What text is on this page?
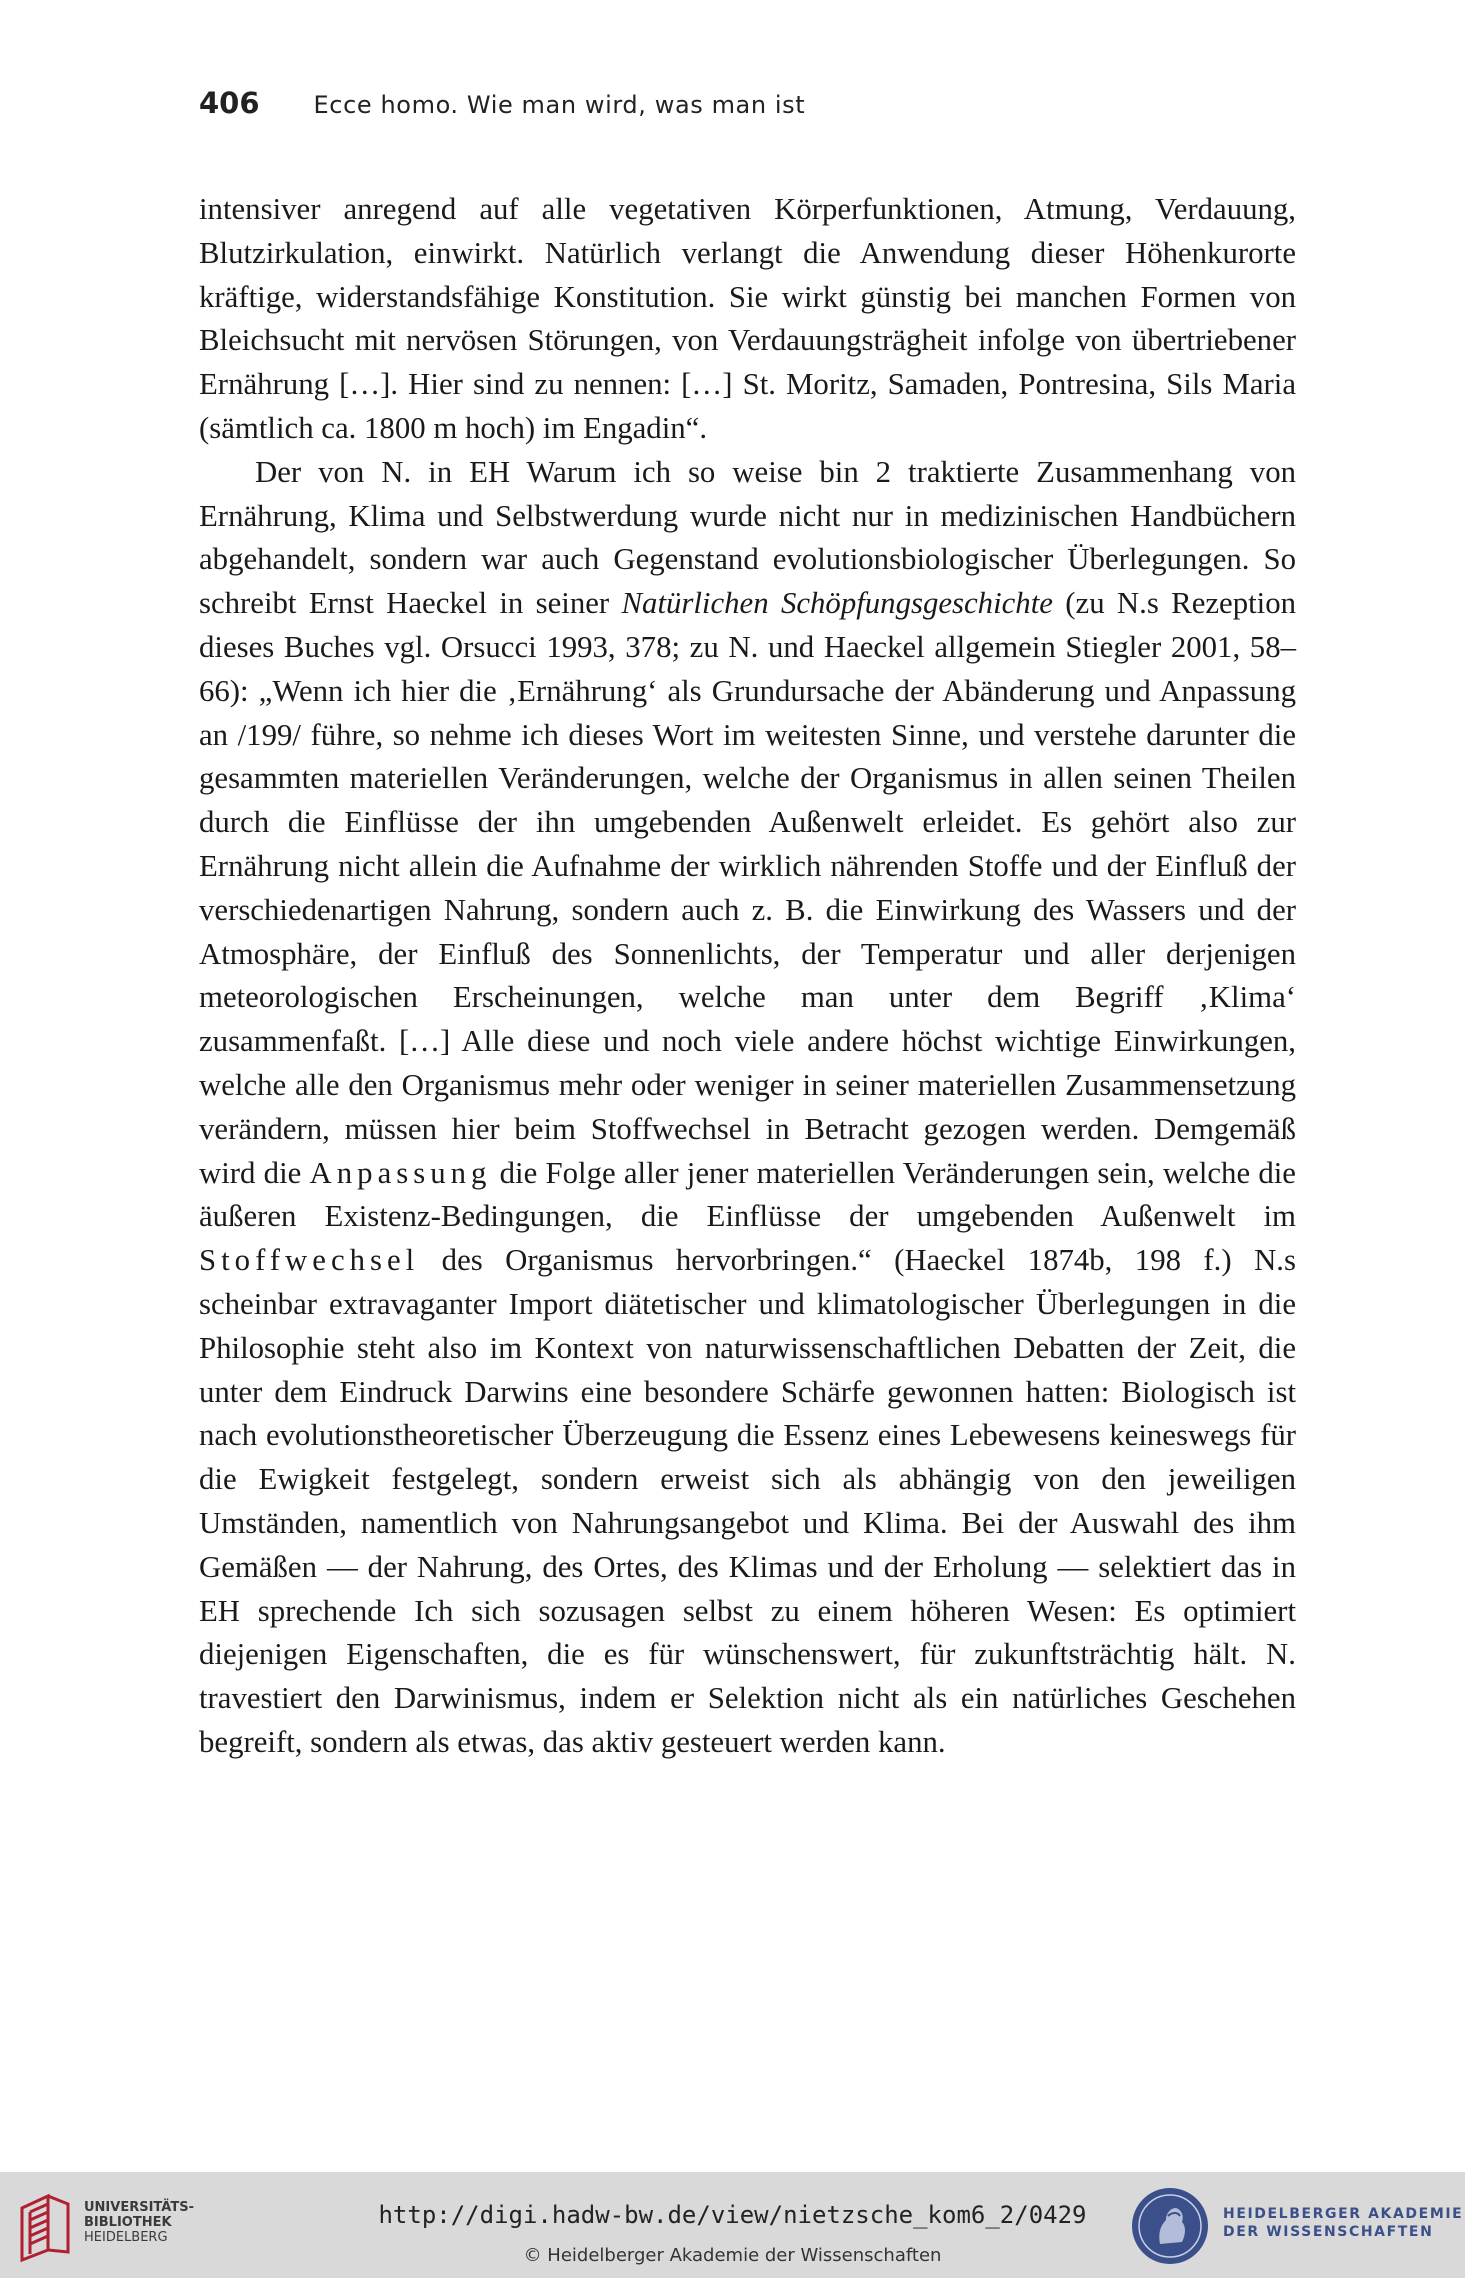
406 Ecce homo. Wie man wird, was man ist

intensiver anregend auf alle vegetativen Körperfunktionen, Atmung, Verdauung, Blutzirkulation, einwirkt. Natürlich verlangt die Anwendung dieser Höhenkurorte kräftige, widerstandsfähige Konstitution. Sie wirkt günstig bei manchen Formen von Bleichsucht mit nervösen Störungen, von Verdauungsträgheit infolge von übertriebener Ernährung […]. Hier sind zu nennen: […] St. Moritz, Samaden, Pontresina, Sils Maria (sämtlich ca. 1800 m hoch) im Engadin“.

Der von N. in EH Warum ich so weise bin 2 traktierte Zusammenhang von Ernährung, Klima und Selbstwerdung wurde nicht nur in medizinischen Handbüchern abgehandelt, sondern war auch Gegenstand evolutionsbiologischer Überlegungen. So schreibt Ernst Haeckel in seiner Natürlichen Schöpfungsgeschichte (zu N.s Rezeption dieses Buches vgl. Orsucci 1993, 378; zu N. und Haeckel allgemein Stiegler 2001, 58–66): „Wenn ich hier die ‚Ernährung‘ als Grundursache der Abänderung und Anpassung an /199/ führe, so nehme ich dieses Wort im weitesten Sinne, und verstehe darunter die gesammten materiellen Veränderungen, welche der Organismus in allen seinen Theilen durch die Einflüsse der ihn umgebenden Außenwelt erleidet. Es gehört also zur Ernährung nicht allein die Aufnahme der wirklich nährenden Stoffe und der Einfluß der verschiedenartigen Nahrung, sondern auch z. B. die Einwirkung des Wassers und der Atmosphäre, der Einfluß des Sonnenlichts, der Temperatur und aller derjenigen meteorologischen Erscheinungen, welche man unter dem Begriff ‚Klima‘ zusammenfaßt. […] Alle diese und noch viele andere höchst wichtige Einwirkungen, welche alle den Organismus mehr oder weniger in seiner materiellen Zusammensetzung verändern, müssen hier beim Stoffwechsel in Betracht gezogen werden. Demgemäß wird die Anpassung die Folge aller jener materiellen Veränderungen sein, welche die äußeren Existenz-Bedingungen, die Einflüsse der umgebenden Außenwelt im Stoffwechsel des Organismus hervorbringen.“ (Haeckel 1874b, 198 f.) N.s scheinbar extravaganter Import diätetischer und klimatologischer Überlegungen in die Philosophie steht also im Kontext von naturwissenschaftlichen Debatten der Zeit, die unter dem Eindruck Darwins eine besondere Schärfe gewonnen hatten: Biologisch ist nach evolutionstheoretischer Überzeugung die Essenz eines Lebewesens keineswegs für die Ewigkeit festgelegt, sondern erweist sich als abhängig von den jeweiligen Umständen, namentlich von Nahrungsangebot und Klima. Bei der Auswahl des ihm Gemäßen — der Nahrung, des Ortes, des Klimas und der Erholung — selektiert das in EH sprechende Ich sich sozusagen selbst zu einem höheren Wesen: Es optimiert diejenigen Eigenschaften, die es für wünschenswert, für zukunftsträchtig hält. N. travestiert den Darwinismus, indem er Selektion nicht als ein natürliches Geschehen begreift, sondern als etwas, das aktiv gesteuert werden kann.

UNIVERSITÄTS-
BIBLIOTHEK
HEIDELBERG
http://digi.hadw-bw.de/view/nietzsche_kom6_2/0429
© Heidelberger Akademie der Wissenschaften
HEIDELBERGER AKADEMIE
DER WISSENSCHAFTEN
